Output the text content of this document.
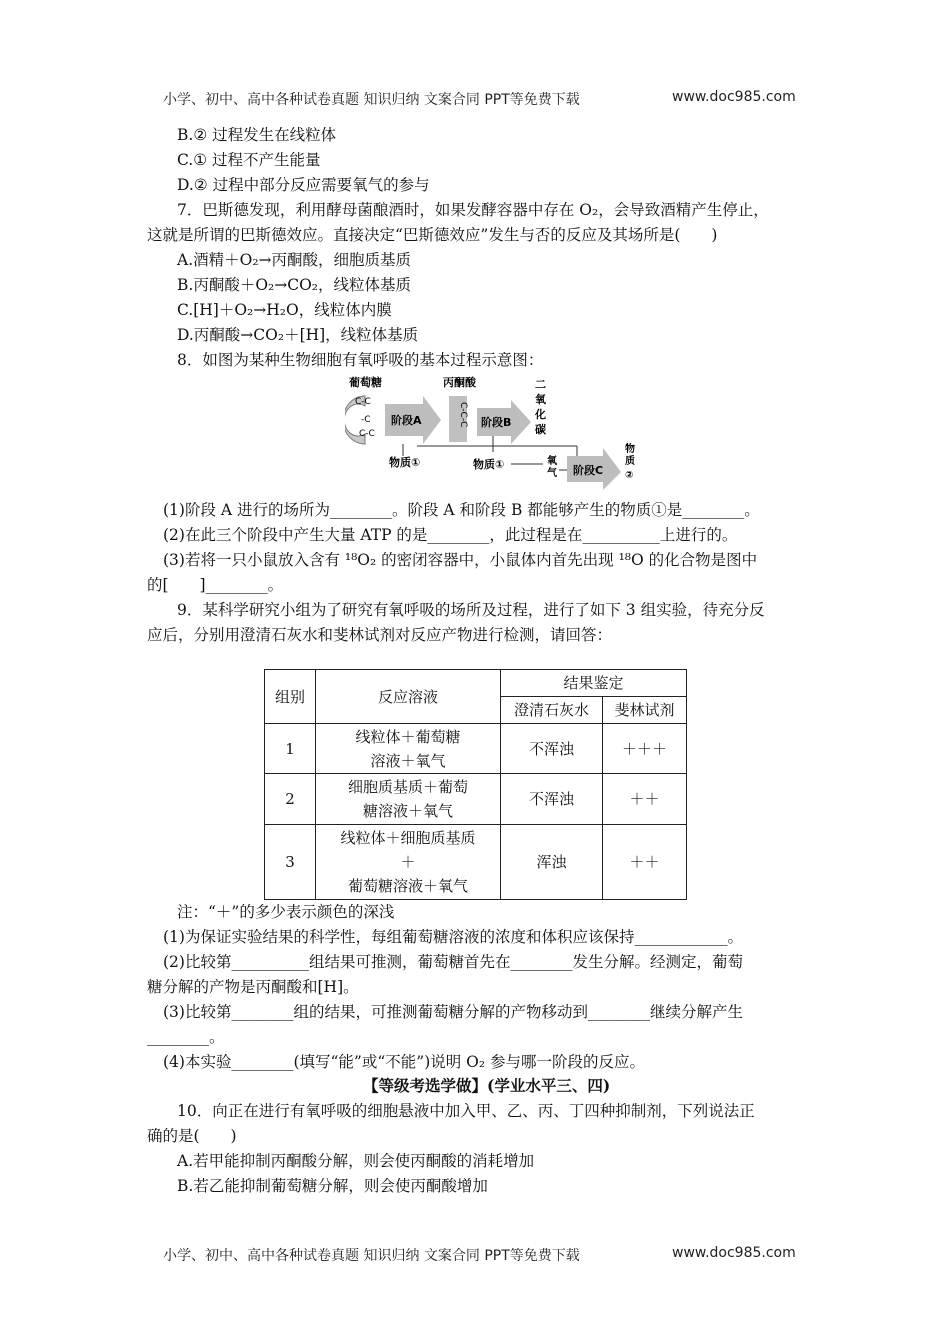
小学、初中、高中各种试卷真题 知识归纳 文案合同 PPT等免费下载	www.doc985.com
B.② 过程发生在线粒体
C.① 过程不产生能量
D.② 过程中部分反应需要氧气的参与
7．巴斯德发现，利用酵母菌酿酒时，如果发酵容器中存在 O₂，会导致酒精产生停止，
这就是所谓的巴斯德效应。直接决定“巴斯德效应”发生与否的反应及其场所是(　　)
A.酒精＋O₂→丙酮酸，细胞质基质
B.丙酮酸＋O₂→CO₂，线粒体基质
C.[H]＋O₂→H₂O，线粒体内膜
D.丙酮酸→CO₂＋[H]，线粒体基质
8．如图为某种生物细胞有氧呼吸的基本过程示意图：
葡萄糖	丙酮酸
C-C
-C
C-C
阶段A	C-C-C 阶段B
二
氧
化
碳
物质①	物质①	氧
气 阶段C
物
质
②
(1)阶段 A 进行的场所为________。阶段 A 和阶段 B 都能够产生的物质①是________。
(2)在此三个阶段中产生大量 ATP 的是________，此过程是在__________上进行的。
(3)若将一只小鼠放入含有 ¹⁸O₂ 的密闭容器中，小鼠体内首先出现 ¹⁸O 的化合物是图中
的[　　]________。
9．某科学研究小组为了研究有氧呼吸的场所及过程，进行了如下 3 组实验，待充分反
应后，分别用澄清石灰水和斐林试剂对反应产物进行检测，请回答：
组别	反应溶液	结果鉴定	
		澄清石灰水	斐林试剂
1	线粒体＋葡萄糖
溶液＋氧气	不浑浊	＋＋＋
2	细胞质基质＋葡萄
糖溶液＋氧气	不浑浊	＋＋
3	线粒体＋细胞质基质
＋
葡萄糖溶液＋氧气	浑浊	＋＋
注：“＋”的多少表示颜色的深浅
(1)为保证实验结果的科学性，每组葡萄糖溶液的浓度和体积应该保持____________。
(2)比较第__________组结果可推测，葡萄糖首先在________发生分解。经测定，葡萄
糖分解的产物是丙酮酸和[H]。
(3)比较第________组的结果，可推测葡萄糖分解的产物移动到________继续分解产生
________。
(4)本实验________(填写“能”或“不能”)说明 O₂ 参与哪一阶段的反应。
【等级考选学做】(学业水平三、四)
10．向正在进行有氧呼吸的细胞悬液中加入甲、乙、丙、丁四种抑制剂，下列说法正
确的是(　　)
A.若甲能抑制丙酮酸分解，则会使丙酮酸的消耗增加
B.若乙能抑制葡萄糖分解，则会使丙酮酸增加
小学、初中、高中各种试卷真题 知识归纳 文案合同 PPT等免费下载	www.doc985.com
